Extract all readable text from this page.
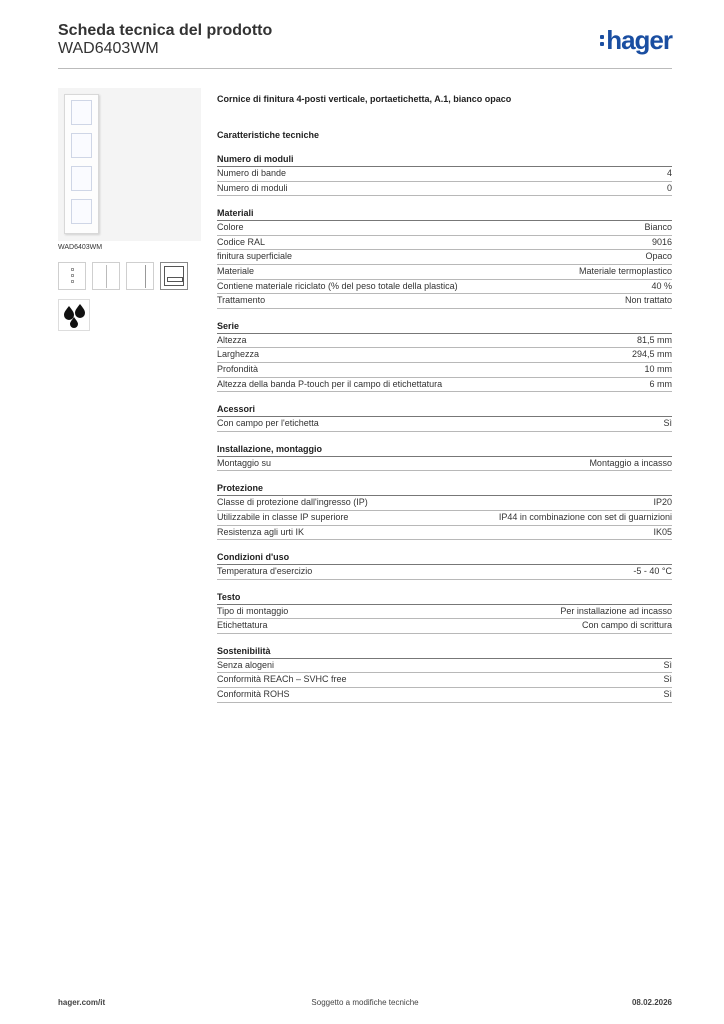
Scheda tecnica del prodotto
WAD6403WM	hager
WAD6403WM
Cornice di finitura 4-posti verticale, portaetichetta, A.1, bianco opaco
Caratteristiche tecniche
Numero di moduli
Numero di bande	4
Numero di moduli	0
Materiali
Colore	Bianco
Codice RAL	9016
finitura superficiale	Opaco
Materiale	Materiale termoplastico
Contiene materiale riciclato (% del peso totale della plastica)	40 %
Trattamento	Non trattato
Serie
Altezza	81,5 mm
Larghezza	294,5 mm
Profondità	10 mm
Altezza della banda P-touch per il campo di etichettatura	6 mm
Acessori
Con campo per l'etichetta	Sì
Installazione, montaggio
Montaggio su	Montaggio a incasso
Protezione
Classe di protezione dall'ingresso (IP)	IP20
Utilizzabile in classe IP superiore	IP44 in combinazione con set di guarnizioni
Resistenza agli urti IK	IK05
Condizioni d'uso
Temperatura d'esercizio	-5 - 40 °C
Testo
Tipo di montaggio	Per installazione ad incasso
Etichettatura	Con campo di scrittura
Sostenibilità
Senza alogeni	Sì
Conformità REACh – SVHC free	Sì
Conformità ROHS	Sì
hager.com/it	Soggetto a modifiche tecniche	08.02.2026
